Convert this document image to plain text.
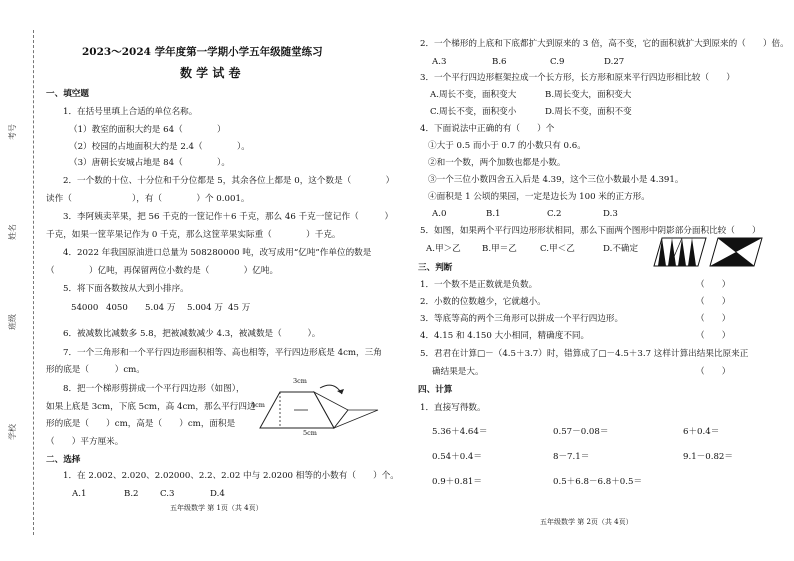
考号
姓名
班级
学校
2023～2024 学年度第一学期小学五年级随堂练习
数 学 试 卷
一、填空题
1．在括号里填上合适的单位名称。
（1）教室的面积大约是 64（　　　　）
（2）校园的占地面积大约是 2.4（　　　　）。
（3）唐朝长安城占地是 84（　　　　）。
2．一个数的十位、十分位和千分位都是 5，其余各位上都是 0，这个数是（　　　　）
读作（　　　　　　　），有（　　　　）个 0.001。
3．李阿姨卖苹果，把 56 千克的一筐记作＋6 千克，那么 46 千克一筐记作（　　　）
千克，如果一筐苹果记作为 0 千克，那么这筐苹果实际重（　　　　）千克。
4．2022 年我国原油进口总量为 508280000 吨，改写成用“亿吨”作单位的数是
（　　　　）亿吨，再保留两位小数约是（　　　　）亿吨。
5．将下面各数按从大到小排序。
54000 4050 5.04 万 5.004 万 45 万
6．被减数比减数多 5.8，把被减数减少 4.3，被减数是（　　　）。
7．一个三角形和一个平行四边形面积相等、高也相等，平行四边形底是 4cm，三角
形的底是（　　　）cm。
8．把一个梯形剪拼成一个平行四边形（如图），
如果上底是 3cm，下底 5cm，高 4cm，那么平行四边
形的底是（　　）cm，高是（　　）cm，面积是
（　　）平方厘米。
3cm
4cm
5cm
二、选择
1．在 2.002、2.020、2.02000、2.2、2.02 中与 2.0200 相等的小数有（　　）个。
A.1	B.2 C.3	D.4
五年级数学 第 1页（共 4页）
2．一个梯形的上底和下底都扩大到原来的 3 倍，高不变，它的面积就扩大到原来的（　　）倍。
A.3	B.6	C.9	D.27
3．一个平行四边形框架拉成一个长方形，长方形和原来平行四边形相比较（　　）
A.周长不变，面积变大	B.周长变大，面积变大
C.周长不变，面积变小	D.周长不变，面积不变
4．下面说法中正确的有（　　）个
①大于 0.5 而小于 0.7 的小数只有 0.6。
②和一个数，两个加数也都是小数。
③一个三位小数四舍五入后是 4.39，这个三位小数最小是 4.391。
④面积是 1 公顷的果园，一定是边长为 100 米的正方形。
A.0	B.1	C.2	D.3
5．如图，如果两个平行四边形形状相同，那么下面两个图形中阴影部分面积比较（　　）
A.甲＞乙 B.甲＝乙	C.甲＜乙	D.不确定
三、判断
1．一个数不是正数就是负数。	（　　）
2．小数的位数越少，它就越小。	（　　）
3．等底等高的两个三角形可以拼成一个平行四边形。	（　　）
4．4.15 和 4.150 大小相同，精确度不同。	（　　）
5．君君在计算□－（4.5＋3.7）时，错算成了□－4.5＋3.7 这样计算出结果比原来正
确结果是大。	（　　）
四、计算
1．直接写得数。
5.36＋4.64＝	0.57－0.08＝	6＋0.4＝
0.54＋0.4＝	8－7.1＝	9.1－0.82＝
0.9＋0.81＝	0.5＋6.8－6.8＋0.5＝
五年级数学 第 2页（共 4页）
